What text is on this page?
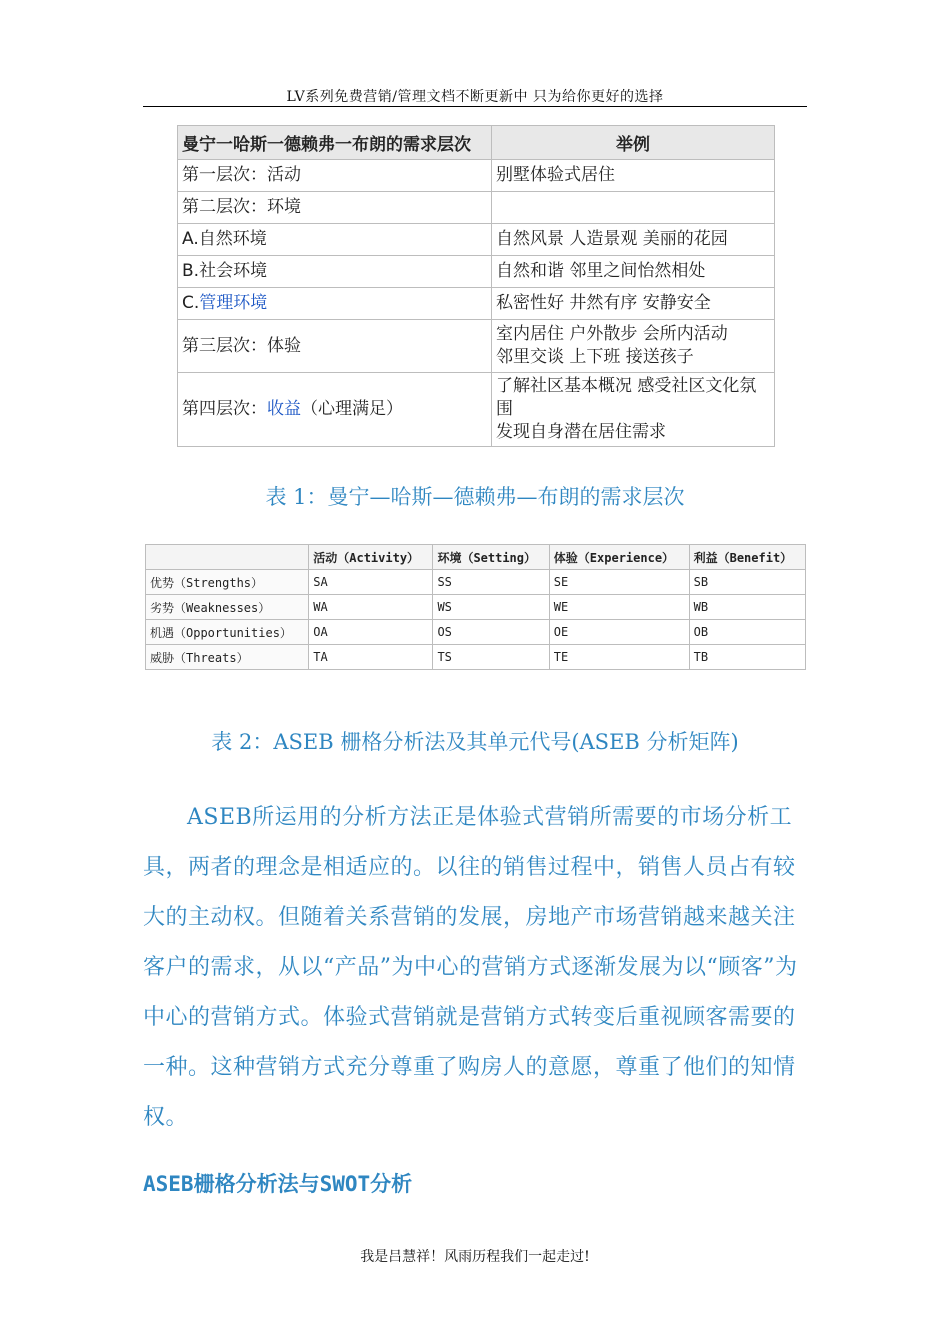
LV系列免费营销/管理文档不断更新中 只为给你更好的选择
曼宁一哈斯一德赖弗一布朗的需求层次	举例
第一层次：活动	别墅体验式居住
第二层次：环境	
A.自然环境	自然风景 人造景观 美丽的花园
B.社会环境	自然和谐 邻里之间怡然相处
C.管理环境	私密性好 井然有序 安静安全
第三层次：体验	室内居住 户外散步 会所内活动
邻里交谈 上下班 接送孩子

第四层次：收益（心理满足）	了解社区基本概况 感受社区文化氛围
发现自身潜在居住需求
表 1：曼宁—哈斯—德赖弗—布朗的需求层次
	活动（Activity）	环境（Setting）	体验（Experience）	利益（Benefit）
优势（Strengths）	SA	SS	SE	SB
劣势（Weaknesses）	WA	WS	WE	WB
机遇（Opportunities）	OA	OS	OE	OB
威胁（Threats）	TA	TS	TE	TB
表 2：ASEB 栅格分析法及其单元代号(ASEB 分析矩阵)
ASEB所运用的分析方法正是体验式营销所需要的市场分析工具，两者的理念是相适应的。以往的销售过程中，销售人员占有较大的主动权。但随着关系营销的发展，房地产市场营销越来越关注客户的需求，从以“产品”为中心的营销方式逐渐发展为以“顾客”为中心的营销方式。体验式营销就是营销方式转变后重视顾客需要的一种。这种营销方式充分尊重了购房人的意愿，尊重了他们的知情权。
ASEB栅格分析法与SWOT分析
我是吕慧祥！风雨历程我们一起走过!
